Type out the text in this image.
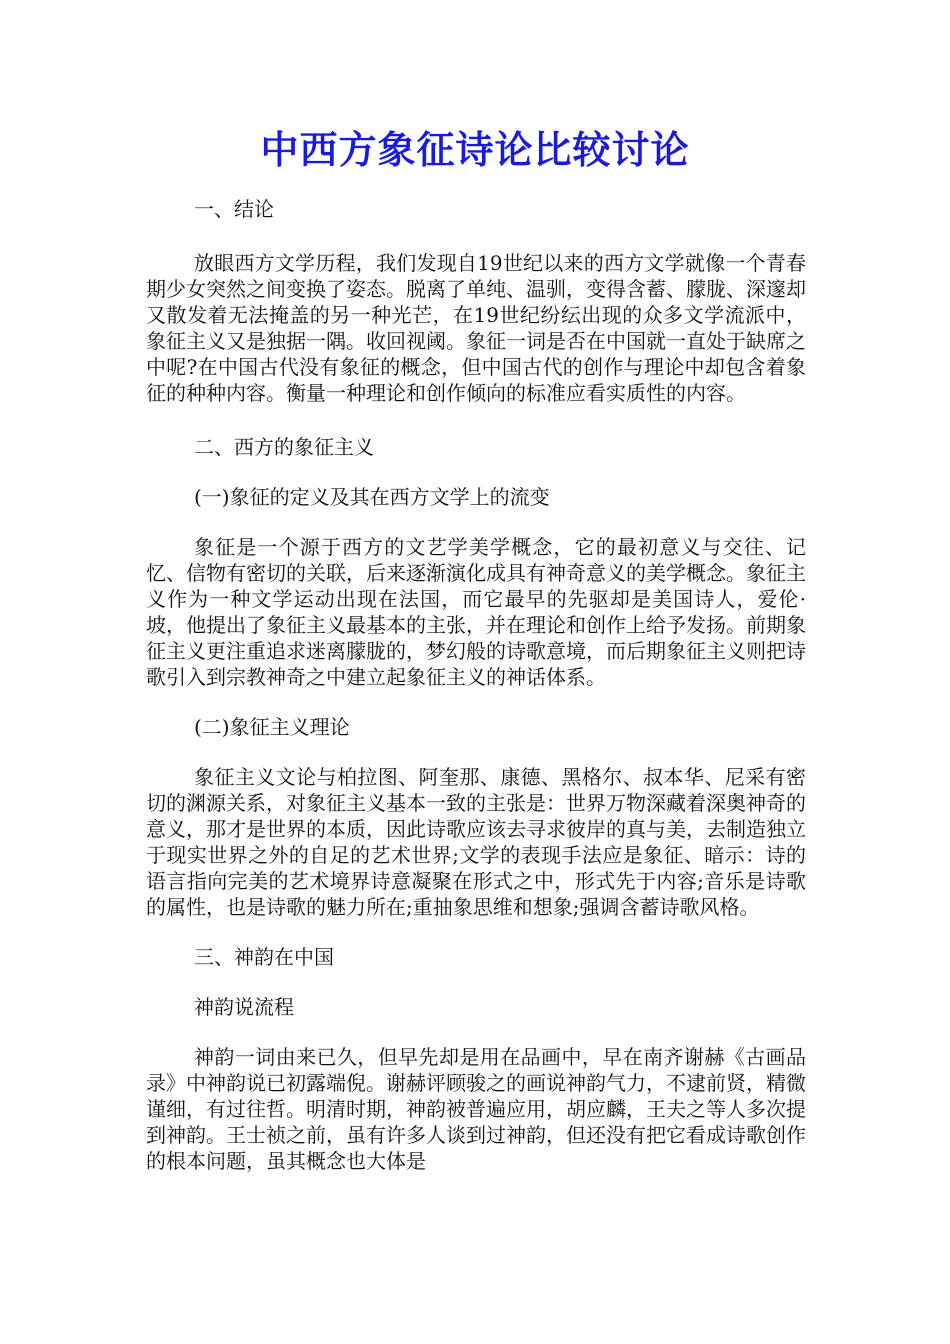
中西方象征诗论比较讨论

一、结论

放眼西方文学历程，我们发现自19世纪以来的西方文学就像一个青春期少女突然之间变换了姿态。脱离了单纯、温驯，变得含蓄、朦胧、深邃却又散发着无法掩盖的另一种光芒，在19世纪纷纭出现的众多文学流派中，象征主义又是独据一隅。收回视阈。象征一词是否在中国就一直处于缺席之中呢?在中国古代没有象征的概念，但中国古代的创作与理论中却包含着象征的种种内容。衡量一种理论和创作倾向的标准应看实质性的内容。

二、西方的象征主义

(一)象征的定义及其在西方文学上的流变

象征是一个源于西方的文艺学美学概念，它的最初意义与交往、记忆、信物有密切的关联，后来逐渐演化成具有神奇意义的美学概念。象征主义作为一种文学运动出现在法国，而它最早的先驱却是美国诗人，爱伦·坡，他提出了象征主义最基本的主张，并在理论和创作上给予发扬。前期象征主义更注重追求迷离朦胧的，梦幻般的诗歌意境，而后期象征主义则把诗歌引入到宗教神奇之中建立起象征主义的神话体系。

(二)象征主义理论

象征主义文论与柏拉图、阿奎那、康德、黑格尔、叔本华、尼采有密切的渊源关系，对象征主义基本一致的主张是：世界万物深藏着深奥神奇的意义，那才是世界的本质，因此诗歌应该去寻求彼岸的真与美，去制造独立于现实世界之外的自足的艺术世界;文学的表现手法应是象征、暗示：诗的语言指向完美的艺术境界诗意凝聚在形式之中，形式先于内容;音乐是诗歌的属性，也是诗歌的魅力所在;重抽象思维和想象;强调含蓄诗歌风格。

三、神韵在中国

神韵说流程

神韵一词由来已久，但早先却是用在品画中，早在南齐谢赫《古画品录》中神韵说已初露端倪。谢赫评顾骏之的画说神韵气力，不逮前贤，精微谨细，有过往哲。明清时期，神韵被普遍应用，胡应麟，王夫之等人多次提到神韵。王士祯之前，虽有许多人谈到过神韵，但还没有把它看成诗歌创作的根本问题，虽其概念也大体是
